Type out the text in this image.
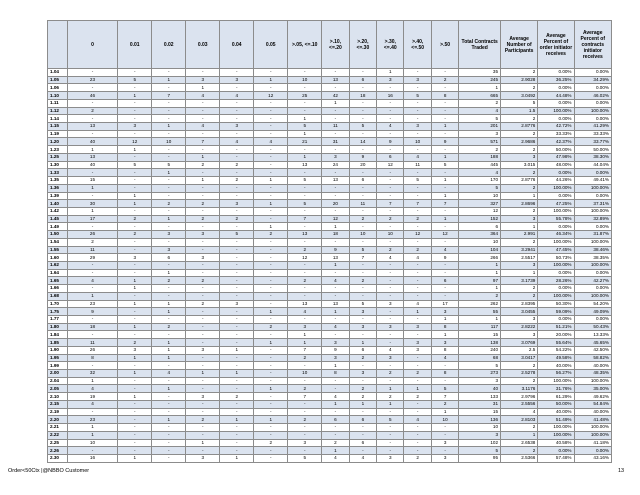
	0	0.01	0.02	0.03	0.04	0.05	>.05, <=.10	>.10, <=.20	>.20, <=.30	>.30, <=.40	>.40, <=.50	>.50	Total Contracts Traded	Average Number of Participants	Average Percent of order initiator receives	Average Percent of contracts initiator receives
1.04	-	-	-	-	-	-	-	-	-	1	-	-	35	2	0.00%	0.00%
1.05	23	5	1	3	3	1	10	13	6	3	3	2	245	2.9028	36.25%	34.29%
1.06	-	-	-	1	-	-	-	-	-	-	-	-	1	2	0.00%	0.00%
1.10	46	1	7	4	4	12	25	42	18	16	5	8	665	3.0492	44.48%	46.02%
1.11	-	-	-	-	-	-	-	1	-	-	-	-	2	5	0.00%	0.00%
1.12	2	-	-	-	-	-	-	-	-	-	-	-	4	1.5	100.00%	100.00%
1.14	-	-	-	-	-	-	1	-	-	-	-	-	5	2	0.00%	0.00%
1.15	13	3	1	4	3	-	5	11	5	4	3	1	201	2.8776	42.72%	41.29%
1.19	-	-	-	-	-	-	1	-	-	-	-	-	3	2	33.33%	33.33%
1.20	40	12	10	7	4	4	21	31	14	9	10	9	571	2.9686	42.37%	33.77%
1.23	1	1	-	-	-	-	-	-	-	-	-	-	2	2	50.00%	50.00%
1.25	13	-	-	1	-	-	1	3	9	6	4	1	188	3	47.98%	38.30%
1.30	40	5	5	2	2	-	13	24	20	12	11	5	445	3.015	48.00%	44.04%
1.33	-	-	1	-	-	-	-	-	-	-	-	-	4	2	0.00%	0.00%
1.35	15	-	-	1	2	1	5	13	6	-	5	1	170	2.8776	44.26%	49.41%
1.36	1	-	-	-	-	-	-	-	-	-	-	-	5	2	100.00%	100.00%
1.39	-	1	-	-	-	-	-	-	-	-	-	1	10	1	0.00%	0.00%
1.40	30	1	2	2	3	1	5	20	11	7	7	7	327	2.8696	47.25%	37.31%
1.42	1	-	-	-	-	-	-	-	-	-	-	-	12	2	100.00%	100.00%
1.45	17	2	1	2	2	-	7	12	2	2	2	1	152	3	55.78%	32.89%
1.49	-	-	-	-	-	1	-	1	-	-	-	-	6	1	0.00%	0.00%
1.50	26	2	3	3	5	2	13	18	10	10	12	12	364	2.991	46.34%	31.87%
1.54	2	-	-	-	-	-	-	-	-	-	-	-	10	2	100.00%	100.00%
1.55	11	-	3	-	-	-	2	9	5	2	2	4	104	3.2941	47.45%	38.46%
1.60	29	3	6	3	-	-	12	13	7	4	4	9	266	2.5517	50.73%	38.35%
1.62	-	-	-	-	-	-	-	1	-	-	-	-	1	3	100.00%	100.00%
1.64	-	-	1	-	-	-	-	-	-	-	-	-	1	1	0.00%	0.00%
1.65	4	1	2	2	-	-	2	4	2	-	-	6	97	3.1739	28.26%	42.27%
1.66	-	1	-	-	-	-	-	-	-	-	-	-	1	2	0.00%	0.00%
1.68	1	-	-	-	-	-	-	-	-	-	-	-	2	2	100.00%	100.00%
1.70	23	1	1	2	3	-	13	13	5	3	4	17	262	2.8395	50.30%	54.20%
1.75	9	-	1	-	-	1	4	1	3	-	1	3	55	3.0455	59.09%	49.09%
1.77	-	-	-	-	-	-	-	-	-	-	-	1	1	3	0.00%	0.00%
1.80	18	1	2	-	-	2	3	4	3	3	3	8	117	2.8222	51.21%	50.43%
1.84	-	-	-	-	-	-	1	-	-	-	-	1	15	3	20.00%	13.33%
1.85	11	2	1	-	-	1	1	3	1	-	3	3	138	3.0769	55.64%	45.65%
1.90	26	3	1	3	1	-	7	9	6	4	3	8	240	2.5	54.22%	42.50%
1.95	8	1	1	-	-	-	2	3	2	3	-	4	68	3.0417	49.58%	58.82%
1.99	-	-	-	-	-	-	-	1	-	-	-	-	5	2	40.00%	40.00%
2.00	32	1	4	1	1	-	10	8	3	2	2	8	273	2.5278	56.27%	48.35%
2.04	1	-	-	-	-	-	-	-	-	-	-	-	3	2	100.00%	100.00%
2.05	4	-	1	-	-	1	2	-	2	1	1	5	40	3.1176	31.76%	35.00%
2.10	19	1	-	3	2	-	7	4	2	2	2	7	133	2.9796	61.29%	49.62%
2.15	4	-	-	-	-	-	-	1	1	1	-	2	31	2.5556	50.00%	54.84%
2.19	-	-	-	-	-	-	-	-	-	-	-	1	15	4	40.00%	40.00%
2.20	23	-	1	2	1	1	2	6	6	5	4	10	136	2.8103	51.49%	41.48%
2.21	1	-	-	-	-	-	-	-	-	-	-	-	10	2	100.00%	100.00%
2.22	1	-	-	-	-	-	-	-	-	-	-	-	3	1	100.00%	100.00%
2.25	10	-	-	1	-	2	3	2	6	-	-	3	102	2.6538	40.58%	41.18%
2.26	-	-	-	-	-	-	-	1	-	-	-	-	5	2	0.00%	0.00%
2.30	16	1	-	3	1	-	5	4	4	3	2	3	95	2.5366	57.48%	43.16%
Order<50Ctx |@NBBO Customer	13
